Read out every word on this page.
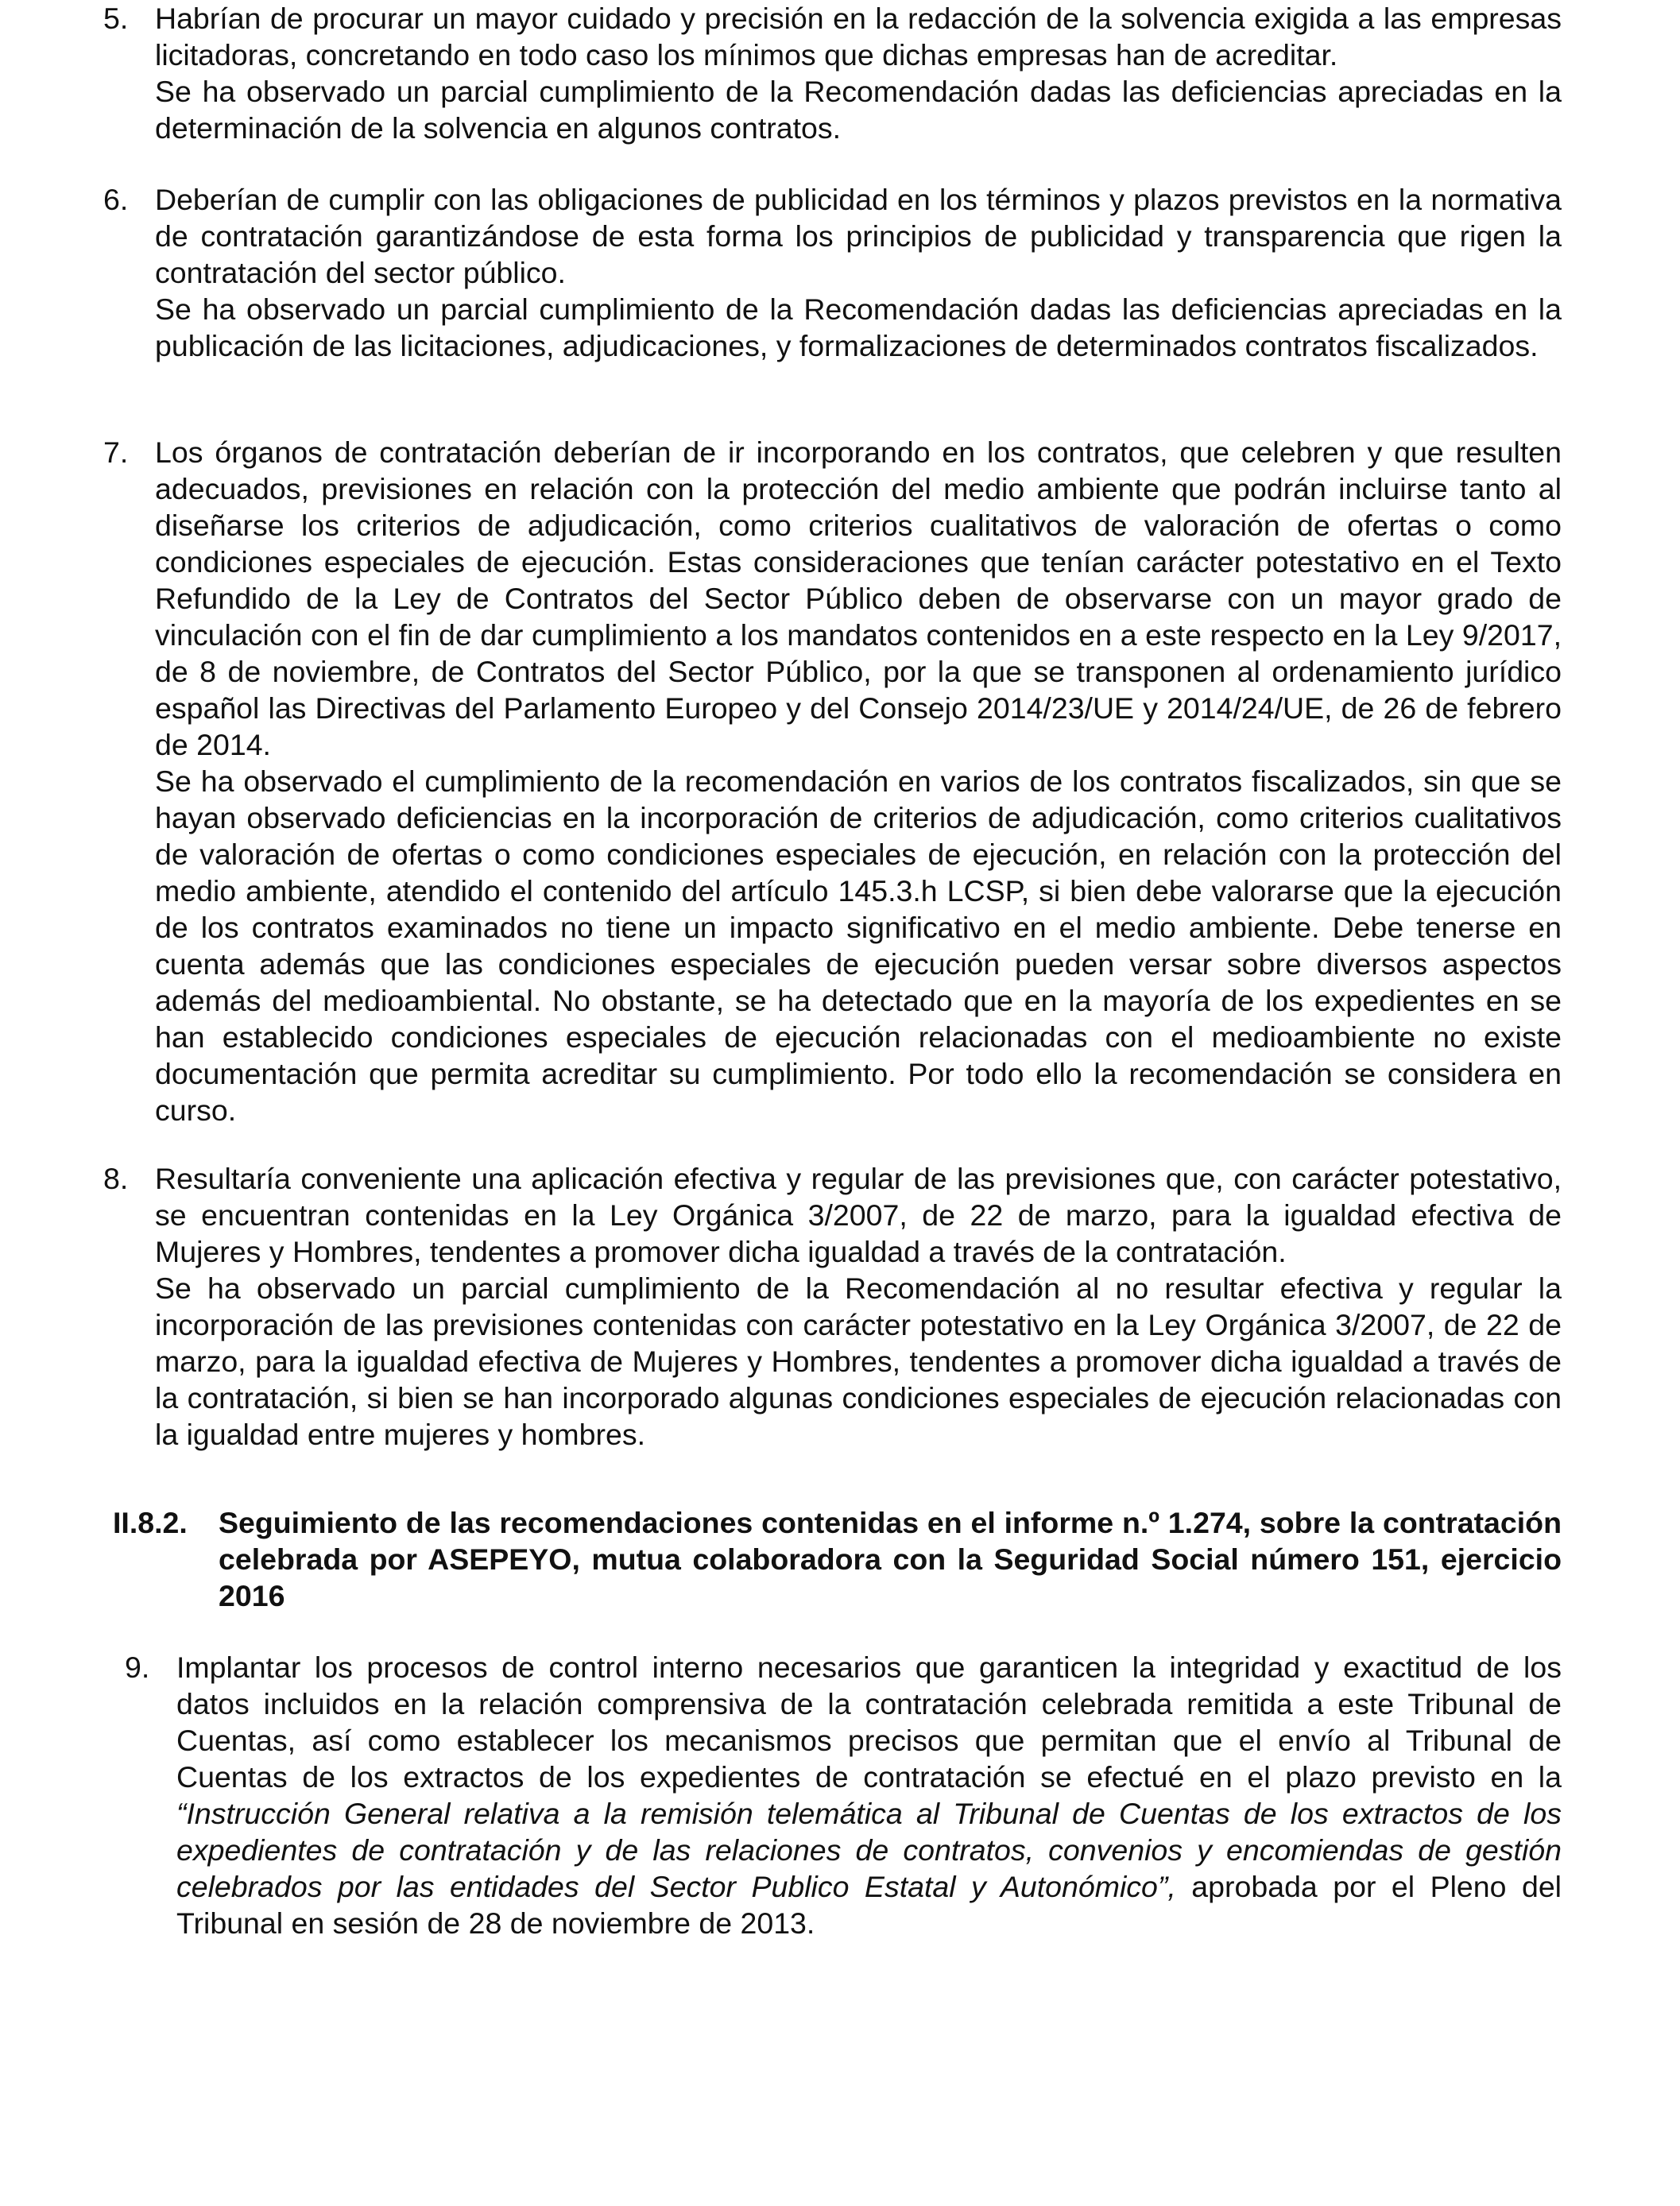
5. Habrían de procurar un mayor cuidado y precisión en la redacción de la solvencia exigida a las empresas licitadoras, concretando en todo caso los mínimos que dichas empresas han de acreditar.

Se ha observado un parcial cumplimiento de la Recomendación dadas las deficiencias apreciadas en la determinación de la solvencia en algunos contratos.

6. Deberían de cumplir con las obligaciones de publicidad en los términos y plazos previstos en la normativa de contratación garantizándose de esta forma los principios de publicidad y transparencia que rigen la contratación del sector público.

Se ha observado un parcial cumplimiento de la Recomendación dadas las deficiencias apreciadas en la publicación de las licitaciones, adjudicaciones, y formalizaciones de determinados contratos fiscalizados.

7. Los órganos de contratación deberían de ir incorporando en los contratos, que celebren y que resulten adecuados, previsiones en relación con la protección del medio ambiente que podrán incluirse tanto al diseñarse los criterios de adjudicación, como criterios cualitativos de valoración de ofertas o como condiciones especiales de ejecución. Estas consideraciones que tenían carácter potestativo en el Texto Refundido de la Ley de Contratos del Sector Público deben de observarse con un mayor grado de vinculación con el fin de dar cumplimiento a los mandatos contenidos en a este respecto en la Ley 9/2017, de 8 de noviembre, de Contratos del Sector Público, por la que se transponen al ordenamiento jurídico español las Directivas del Parlamento Europeo y del Consejo 2014/23/UE y 2014/24/UE, de 26 de febrero de 2014.

Se ha observado el cumplimiento de la recomendación en varios de los contratos fiscalizados, sin que se hayan observado deficiencias en la incorporación de criterios de adjudicación, como criterios cualitativos de valoración de ofertas o como condiciones especiales de ejecución, en relación con la protección del medio ambiente, atendido el contenido del artículo 145.3.h LCSP, si bien debe valorarse que la ejecución de los contratos examinados no tiene un impacto significativo en el medio ambiente. Debe tenerse en cuenta además que las condiciones especiales de ejecución pueden versar sobre diversos aspectos además del medioambiental. No obstante, se ha detectado que en la mayoría de los expedientes en se han establecido condiciones especiales de ejecución relacionadas con el medioambiente no existe documentación que permita acreditar su cumplimiento. Por todo ello la recomendación se considera en curso.

8. Resultaría conveniente una aplicación efectiva y regular de las previsiones que, con carácter potestativo, se encuentran contenidas en la Ley Orgánica 3/2007, de 22 de marzo, para la igualdad efectiva de Mujeres y Hombres, tendentes a promover dicha igualdad a través de la contratación.

Se ha observado un parcial cumplimiento de la Recomendación al no resultar efectiva y regular la incorporación de las previsiones contenidas con carácter potestativo en la Ley Orgánica 3/2007, de 22 de marzo, para la igualdad efectiva de Mujeres y Hombres, tendentes a promover dicha igualdad a través de la contratación, si bien se han incorporado algunas condiciones especiales de ejecución relacionadas con la igualdad entre mujeres y hombres.

II.8.2.	Seguimiento de las recomendaciones contenidas en el informe n.º 1.274, sobre la contratación celebrada por ASEPEYO, mutua colaboradora con la Seguridad Social número 151, ejercicio 2016
9. Implantar los procesos de control interno necesarios que garanticen la integridad y exactitud de los datos incluidos en la relación comprensiva de la contratación celebrada remitida a este Tribunal de Cuentas, así como establecer los mecanismos precisos que permitan que el envío al Tribunal de Cuentas de los extractos de los expedientes de contratación se efectué en el plazo previsto en la “Instrucción General relativa a la remisión telemática al Tribunal de Cuentas de los extractos de los expedientes de contratación y de las relaciones de contratos, convenios y encomiendas de gestión celebrados por las entidades del Sector Publico Estatal y Autonómico”, aprobada por el Pleno del Tribunal en sesión de 28 de noviembre de 2013.
